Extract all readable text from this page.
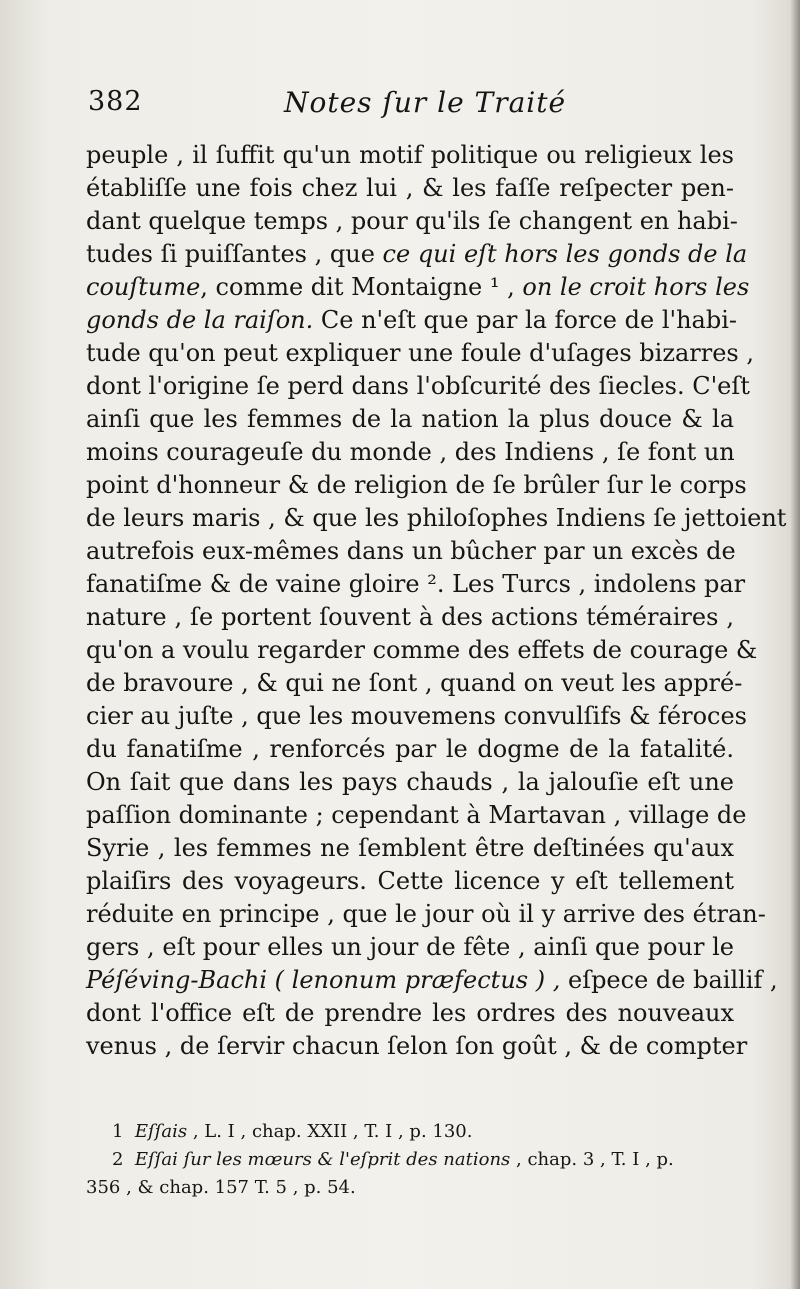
382	Notes ſur le Traité
peuple , il ſuffit qu'un motif politique ou religieux les
établiſſe une fois chez lui , & les faſſe reſpecter pen-
dant quelque temps , pour qu'ils ſe changent en habi-
tudes ſi puiſſantes , que ce qui eſt hors les gonds de la
couſtume, comme dit Montaigne ¹ , on le croit hors les
gonds de la raiſon. Ce n'eſt que par la force de l'habi-
tude qu'on peut expliquer une foule d'uſages bizarres ,
dont l'origine ſe perd dans l'obſcurité des ſiecles. C'eſt
ainſi que les femmes de la nation la plus douce & la
moins courageuſe du monde , des Indiens , ſe font un
point d'honneur & de religion de ſe brûler ſur le corps
de leurs maris , & que les philoſophes Indiens ſe jettoient
autrefois eux-mêmes dans un bûcher par un excès de
fanatiſme & de vaine gloire ². Les Turcs , indolens par
nature , ſe portent ſouvent à des actions téméraires ,
qu'on a voulu regarder comme des effets de courage &
de bravoure , & qui ne ſont , quand on veut les appré-
cier au juſte , que les mouvemens convulſifs & féroces
du fanatiſme , renforcés par le dogme de la fatalité.
On ſait que dans les pays chauds , la jalouſie eſt une
paſſion dominante ; cependant à Martavan , village de
Syrie , les femmes ne ſemblent être deſtinées qu'aux
plaiſirs des voyageurs. Cette licence y eſt tellement
réduite en principe , que le jour où il y arrive des étran-
gers , eſt pour elles un jour de fête , ainſi que pour le
Péſéving-Bachi ( lenonum præfectus ) , eſpece de baillif ,
dont l'office eſt de prendre les ordres des nouveaux
venus , de ſervir chacun ſelon ſon goût , & de compter
1 Eſſais , L. I , chap. XXII , T. I , p. 130.
2 Eſſai ſur les mœurs & l'eſprit des nations , chap. 3 , T. I , p.
356 , & chap. 157 T. 5 , p. 54.
